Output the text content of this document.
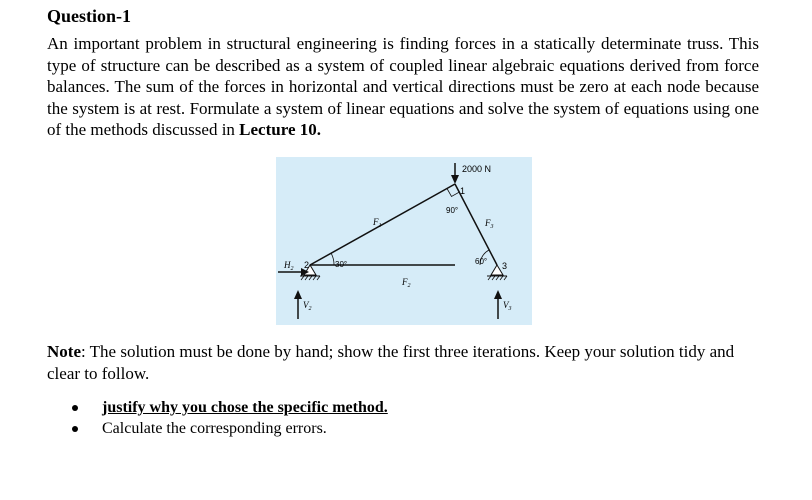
Question-1
An important problem in structural engineering is finding forces in a statically determinate truss. This type of structure can be described as a system of coupled linear algebraic equations derived from force balances. The sum of the forces in horizontal and vertical directions must be zero at each node because the system is at rest. Formulate a system of linear equations and solve the system of equations using one of the methods discussed in Lecture 10.
2000 N
1
90°
30°	60°
2	3
$F_1$
$F_2$
$F_3$
$H_2$
$V_2$	$V_3$
Note: The solution must be done by hand; show the first three iterations. Keep your solution tidy and clear to follow.
justify why you chose the specific method.
Calculate the corresponding errors.
